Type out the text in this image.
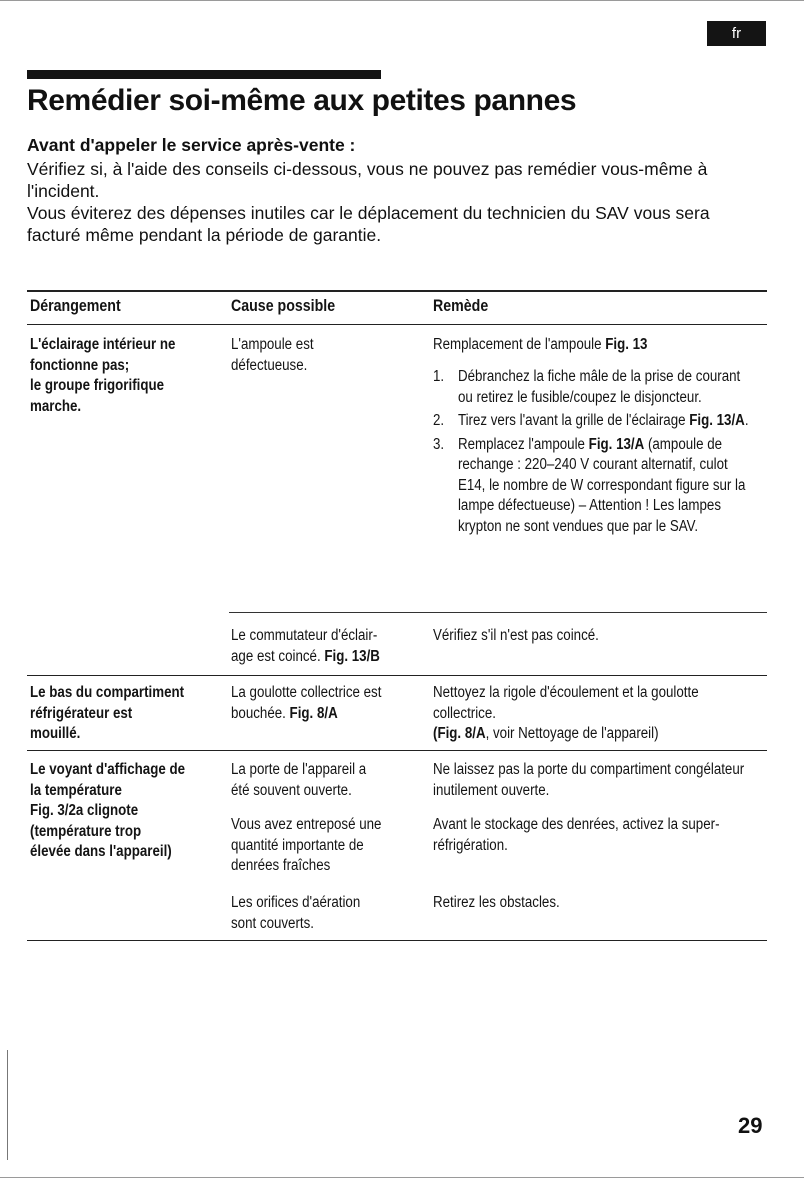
fr
Remédier soi-même aux petites pannes
Avant d'appeler le service après-vente :

Vérifiez si, à l'aide des conseils ci-dessous, vous ne pouvez pas remédier vous-même à l'incident.

Vous éviterez des dépenses inutiles car le déplacement du technicien du SAV vous sera facturé même pendant la période de garantie.

Dérangement	Cause possible	Remède
L'éclairage intérieur ne
fonctionne pas;
le groupe frigorifique
marche.
L'ampoule est
défectueuse.
Remplacement de l'ampoule Fig. 13
1. Débranchez la fiche mâle de la prise de courant ou retirez le fusible/coupez le disjoncteur.
2. Tirez vers l'avant la grille de l'éclairage Fig. 13/A.
3. Remplacez l'ampoule Fig. 13/A (ampoule de rechange : 220–240 V courant alternatif, culot E14, le nombre de W correspondant figure sur la lampe défectueuse) – Attention ! Les lampes krypton ne sont vendues que par le SAV.
Le commutateur d'éclair-
age est coincé. Fig. 13/B
Vérifiez s'il n'est pas coincé.
Le bas du compartiment
réfrigérateur est
mouillé.
La goulotte collectrice est
bouchée. Fig. 8/A
Nettoyez la rigole d'écoulement et la goulotte
collectrice.
(Fig. 8/A, voir Nettoyage de l'appareil)
Le voyant d'affichage de
la température
Fig. 3/2a clignote
(température trop
élevée dans l'appareil)
La porte de l'appareil a
été souvent ouverte.
Ne laissez pas la porte du compartiment congélateur inutilement ouverte.
Vous avez entreposé une
quantité importante de
denrées fraîches
Avant le stockage des denrées, activez la super-réfrigération.
Les orifices d'aération
sont couverts.
Retirez les obstacles.
29
